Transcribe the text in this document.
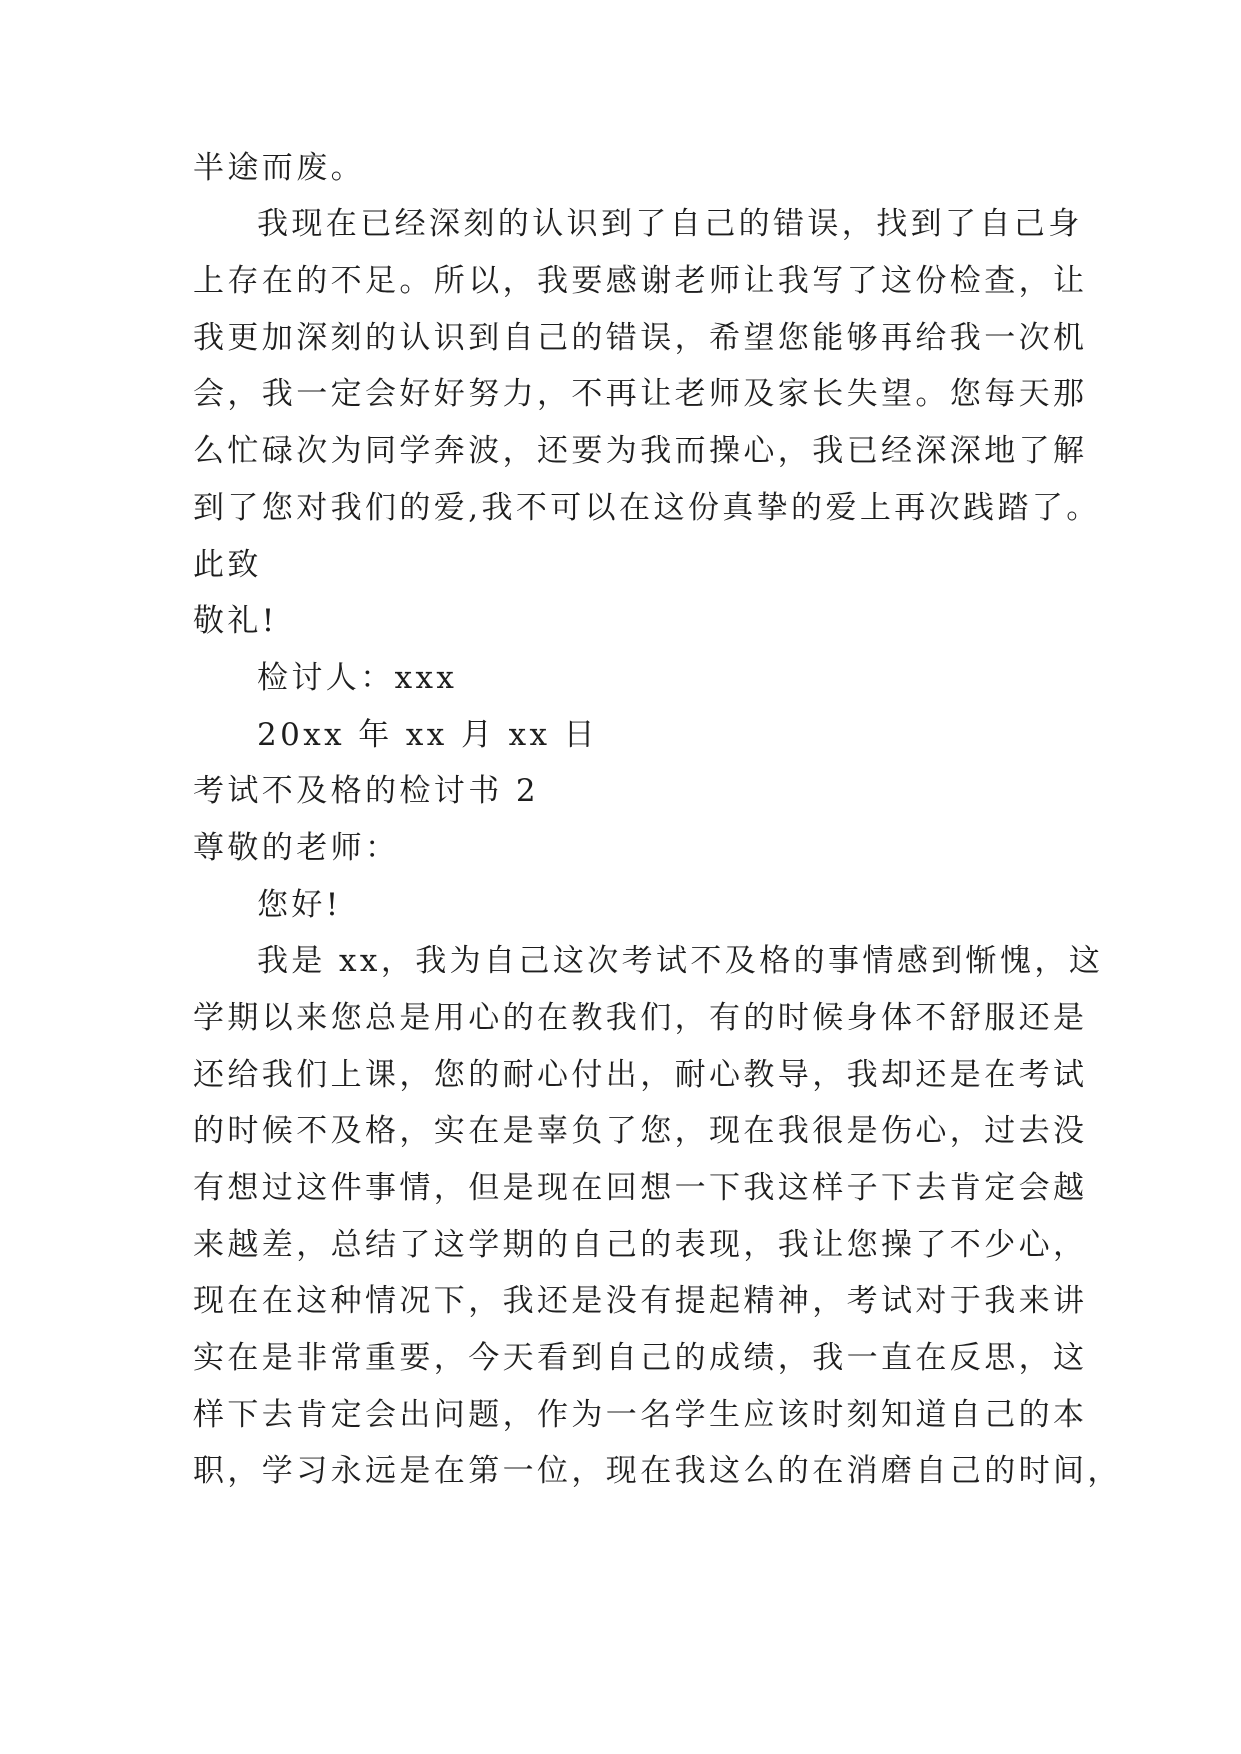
半途而废。
我现在已经深刻的认识到了自己的错误，找到了自己身
上存在的不足。所以，我要感谢老师让我写了这份检查，让
我更加深刻的认识到自己的错误，希望您能够再给我一次机
会，我一定会好好努力，不再让老师及家长失望。您每天那
么忙碌次为同学奔波，还要为我而操心，我已经深深地了解
到了您对我们的爱,我不可以在这份真挚的爱上再次践踏了。
此致
敬礼!
检讨人：xxx
20xx 年 xx 月 xx 日
考试不及格的检讨书 2
尊敬的老师：
您好!
我是 xx，我为自己这次考试不及格的事情感到惭愧，这
学期以来您总是用心的在教我们，有的时候身体不舒服还是
还给我们上课，您的耐心付出，耐心教导，我却还是在考试
的时候不及格，实在是辜负了您，现在我很是伤心，过去没
有想过这件事情，但是现在回想一下我这样子下去肯定会越
来越差，总结了这学期的自己的表现，我让您操了不少心，
现在在这种情况下，我还是没有提起精神，考试对于我来讲
实在是非常重要，今天看到自己的成绩，我一直在反思，这
样下去肯定会出问题，作为一名学生应该时刻知道自己的本
职，学习永远是在第一位，现在我这么的在消磨自己的时间，
